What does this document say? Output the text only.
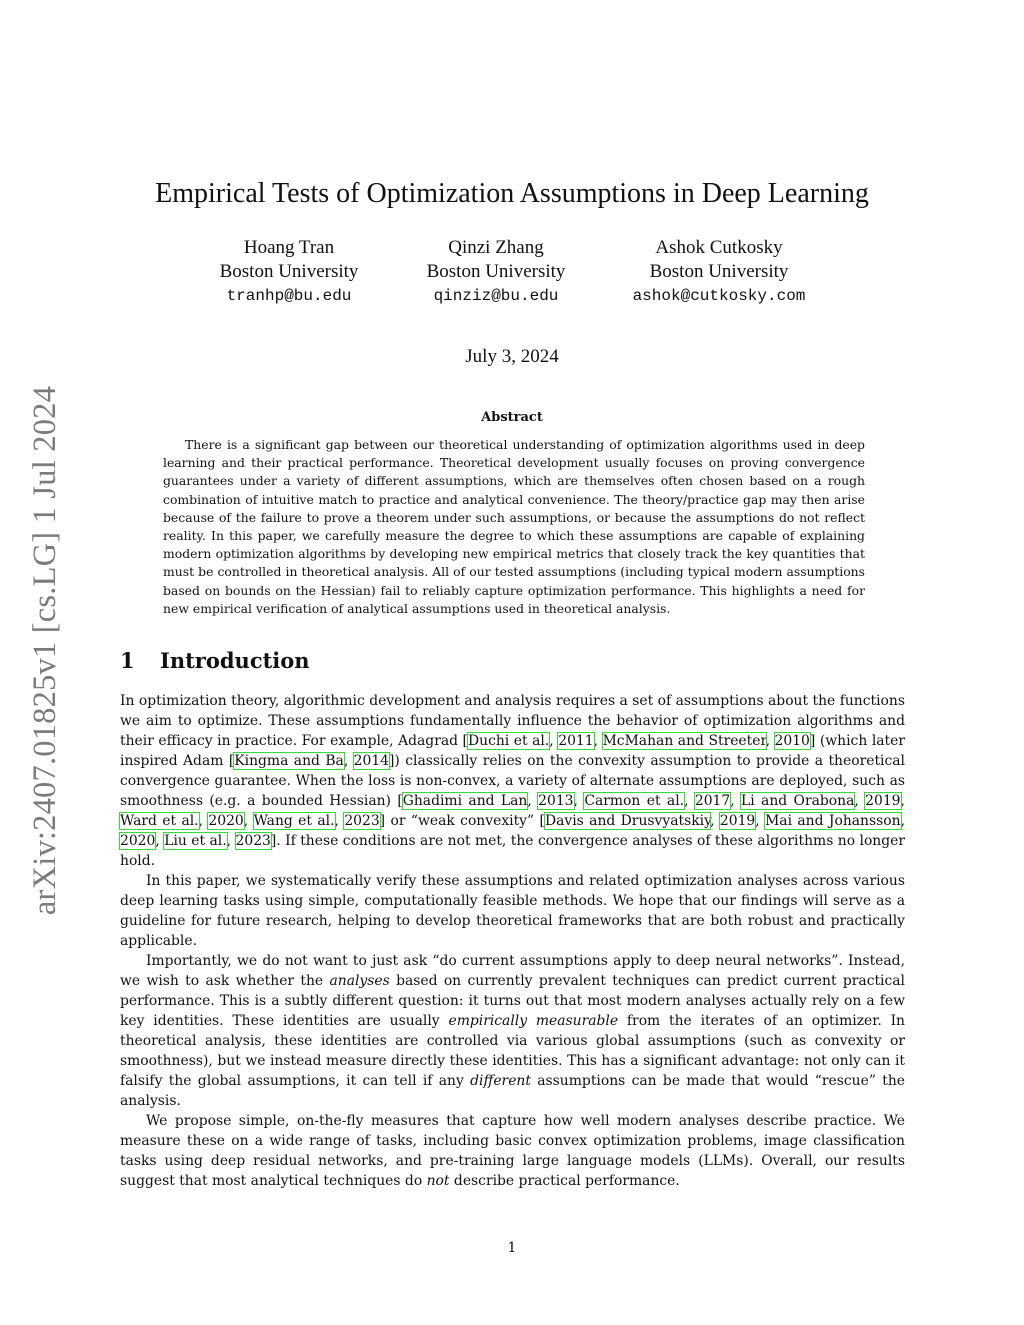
arXiv:2407.01825v1 [cs.LG] 1 Jul 2024
Empirical Tests of Optimization Assumptions in Deep Learning
Hoang Tran
Boston University
tranhp@bu.edu
Qinzi Zhang
Boston University
qinziz@bu.edu
Ashok Cutkosky
Boston University
ashok@cutkosky.com
July 3, 2024
Abstract

There is a significant gap between our theoretical understanding of optimization algorithms used in deep learning and their practical performance. Theoretical development usually focuses on proving convergence guarantees under a variety of different assumptions, which are themselves often chosen based on a rough combination of intuitive match to practice and analytical convenience. The theory/practice gap may then arise because of the failure to prove a theorem under such assumptions, or because the assumptions do not reflect reality. In this paper, we carefully measure the degree to which these assumptions are capable of explaining modern optimization algorithms by developing new empirical metrics that closely track the key quantities that must be controlled in theoretical analysis. All of our tested assumptions (including typical modern assumptions based on bounds on the Hessian) fail to reliably capture optimization performance. This highlights a need for new empirical verification of analytical assumptions used in theoretical analysis.

1 Introduction

In optimization theory, algorithmic development and analysis requires a set of assumptions about the functions we aim to optimize. These assumptions fundamentally influence the behavior of optimization algorithms and their efficacy in practice. For example, Adagrad [Duchi et al., 2011, McMahan and Streeter, 2010] (which later inspired Adam [Kingma and Ba, 2014]) classically relies on the convexity assumption to provide a theoretical convergence guarantee. When the loss is non-convex, a variety of alternate assumptions are deployed, such as smoothness (e.g. a bounded Hessian) [Ghadimi and Lan, 2013, Carmon et al., 2017, Li and Orabona, 2019, Ward et al., 2020, Wang et al., 2023] or “weak convexity” [Davis and Drusvyatskiy, 2019, Mai and Johansson, 2020, Liu et al., 2023]. If these conditions are not met, the convergence analyses of these algorithms no longer hold.

In this paper, we systematically verify these assumptions and related optimization analyses across various deep learning tasks using simple, computationally feasible methods. We hope that our findings will serve as a guideline for future research, helping to develop theoretical frameworks that are both robust and practically applicable.

Importantly, we do not want to just ask “do current assumptions apply to deep neural networks”. Instead, we wish to ask whether the analyses based on currently prevalent techniques can predict current practical performance. This is a subtly different question: it turns out that most modern analyses actually rely on a few key identities. These identities are usually empirically measurable from the iterates of an optimizer. In theoretical analysis, these identities are controlled via various global assumptions (such as convexity or smoothness), but we instead measure directly these identities. This has a significant advantage: not only can it falsify the global assumptions, it can tell if any different assumptions can be made that would “rescue” the analysis.

We propose simple, on-the-fly measures that capture how well modern analyses describe practice. We measure these on a wide range of tasks, including basic convex optimization problems, image classification tasks using deep residual networks, and pre-training large language models (LLMs). Overall, our results suggest that most analytical techniques do not describe practical performance.

1
